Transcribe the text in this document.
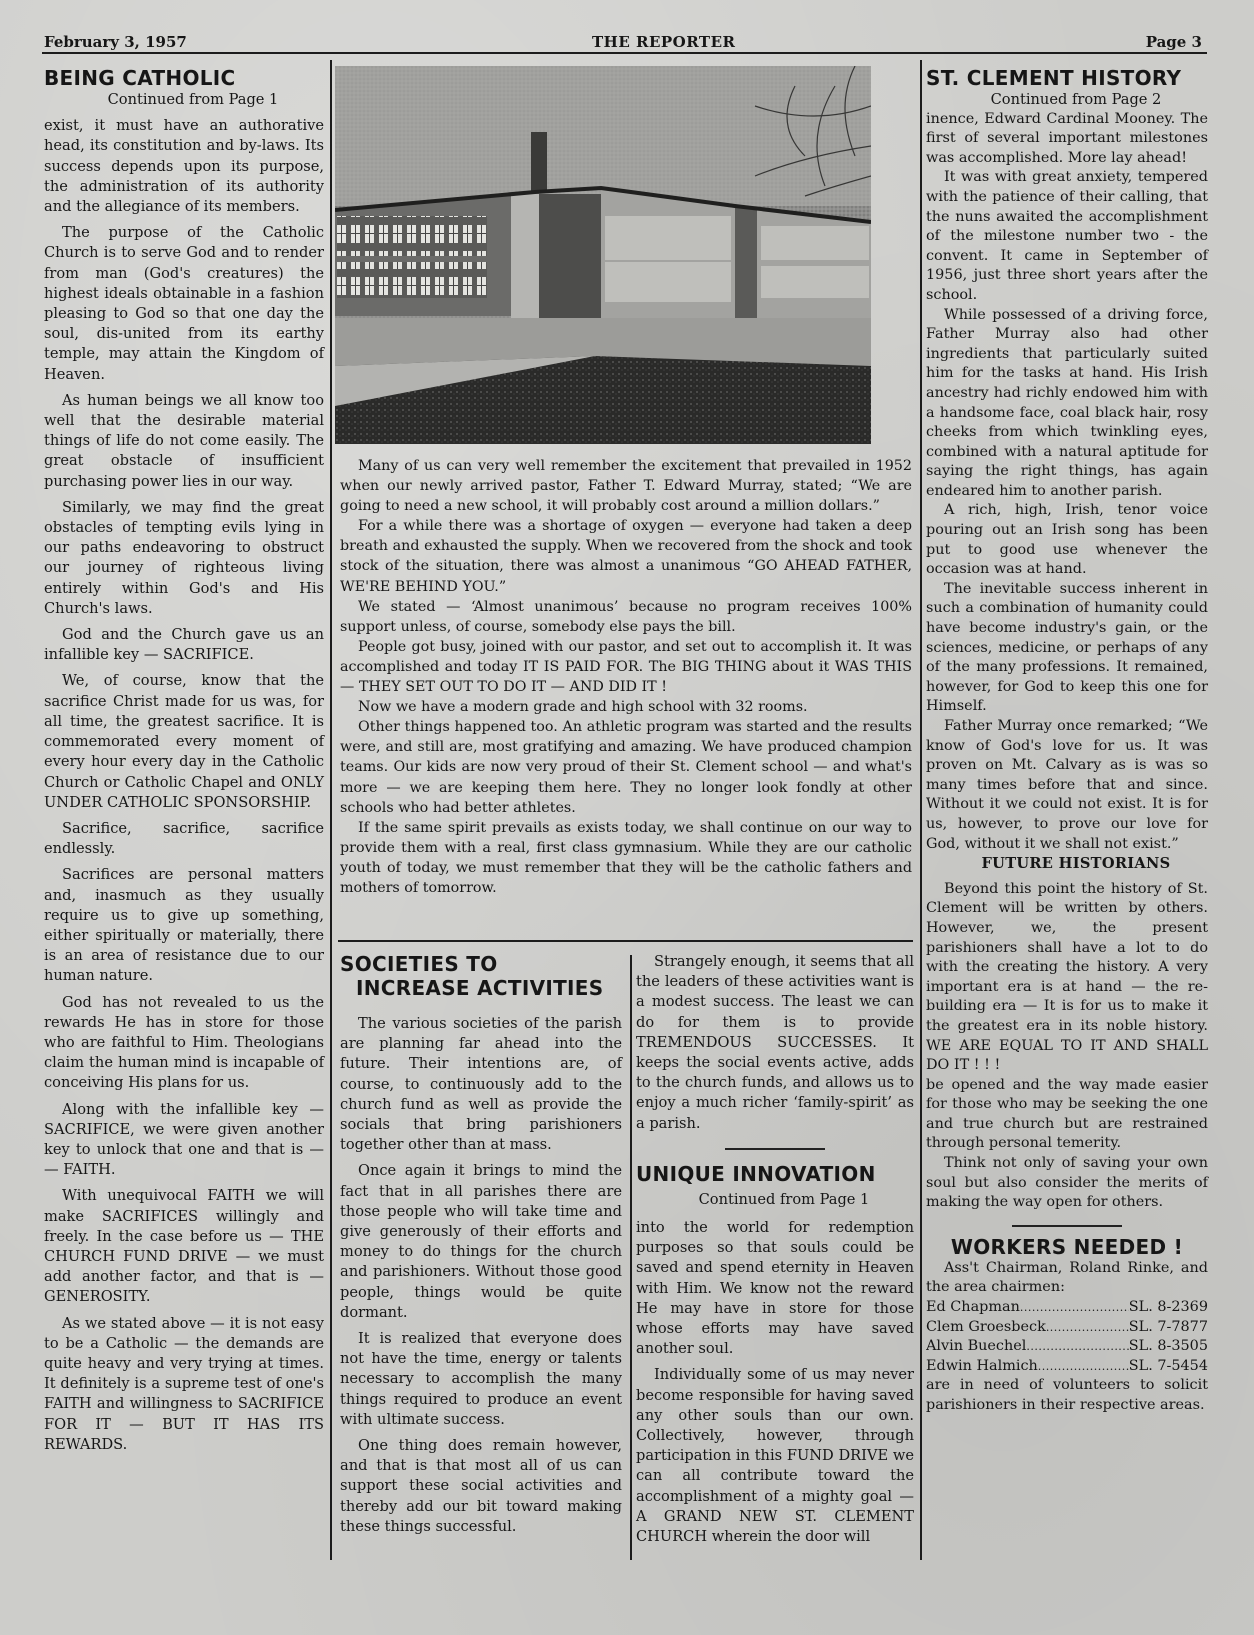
February 3, 1957	THE REPORTER	Page 3
BEING CATHOLIC

Continued from Page 1

exist, it must have an authorative head, its constitution and by-laws. Its success depends upon its purpose, the administration of its authority and the allegiance of its members.

The purpose of the Catholic Church is to serve God and to render from man (God's creatures) the highest ideals obtainable in a fashion pleasing to God so that one day the soul, dis-united from its earthy temple, may attain the Kingdom of Heaven.

As human beings we all know too well that the desirable material things of life do not come easily. The great obstacle of insufficient purchasing power lies in our way.

Similarly, we may find the great obstacles of tempting evils lying in our paths endeavoring to obstruct our journey of righteous living entirely within God's and His Church's laws.

God and the Church gave us an infallible key — SACRIFICE.

We, of course, know that the sacrifice Christ made for us was, for all time, the greatest sacrifice. It is commemorated every moment of every hour every day in the Catholic Church or Catholic Chapel and ONLY UNDER CATHOLIC SPONSORSHIP.

Sacrifice, sacrifice, sacrifice endlessly.

Sacrifices are personal matters and, inasmuch as they usually require us to give up something, either spiritually or materially, there is an area of resistance due to our human nature.

God has not revealed to us the rewards He has in store for those who are faithful to Him. Theologians claim the human mind is incapable of conceiving His plans for us.

Along with the infallible key — SACRIFICE, we were given another key to unlock that one and that is — — FAITH.

With unequivocal FAITH we will make SACRIFICES willingly and freely. In the case before us — THE CHURCH FUND DRIVE — we must add another factor, and that is — GENEROSITY.

As we stated above — it is not easy to be a Catholic — the demands are quite heavy and very trying at times. It definitely is a supreme test of one's FAITH and willingness to SACRIFICE FOR IT — BUT IT HAS ITS REWARDS.

Many of us can very well remember the excitement that prevailed in 1952 when our newly arrived pastor, Father T. Edward Murray, stated; “We are going to need a new school, it will probably cost around a million dollars.”

For a while there was a shortage of oxygen — everyone had taken a deep breath and exhausted the supply. When we recovered from the shock and took stock of the situation, there was almost a unanimous “GO AHEAD FATHER, WE'RE BEHIND YOU.”

We stated — ‘Almost unanimous’ because no program receives 100% support unless, of course, somebody else pays the bill.

People got busy, joined with our pastor, and set out to accomplish it. It was accomplished and today IT IS PAID FOR. The BIG THING about it WAS THIS — THEY SET OUT TO DO IT — AND DID IT !

Now we have a modern grade and high school with 32 rooms.

Other things happened too. An athletic program was started and the results were, and still are, most gratifying and amazing. We have produced champion teams. Our kids are now very proud of their St. Clement school — and what's more — we are keeping them here. They no longer look fondly at other schools who had better athletes.

If the same spirit prevails as exists today, we shall continue on our way to provide them with a real, first class gymnasium. While they are our catholic youth of today, we must remember that they will be the catholic fathers and mothers of tomorrow.

SOCIETIES TO
INCREASE ACTIVITIES

The various societies of the parish are planning far ahead into the future. Their intentions are, of course, to continuously add to the church fund as well as provide the socials that bring parishioners together other than at mass.

Once again it brings to mind the fact that in all parishes there are those people who will take time and give generously of their efforts and money to do things for the church and parishioners. Without those good people, things would be quite dormant.

It is realized that everyone does not have the time, energy or talents necessary to accomplish the many things required to produce an event with ultimate success.

One thing does remain however, and that is that most all of us can support these social activities and thereby add our bit toward making these things successful.

Strangely enough, it seems that all the leaders of these activities want is a modest success. The least we can do for them is to provide TREMENDOUS SUCCESSES. It keeps the social events active, adds to the church funds, and allows us to enjoy a much richer ‘family-spirit’ as a parish.

UNIQUE INNOVATION

Continued from Page 1

into the world for redemption purposes so that souls could be saved and spend eternity in Heaven with Him. We know not the reward He may have in store for those whose efforts may have saved another soul.

Individually some of us may never become responsible for having saved any other souls than our own. Collectively, however, through participation in this FUND DRIVE we can all contribute toward the accomplishment of a mighty goal — A GRAND NEW ST. CLEMENT CHURCH wherein the door will

ST. CLEMENT HISTORY

Continued from Page 2

inence, Edward Cardinal Mooney. The first of several important milestones was accomplished. More lay ahead!

It was with great anxiety, tempered with the patience of their calling, that the nuns awaited the accomplishment of the milestone number two - the convent. It came in September of 1956, just three short years after the school.

While possessed of a driving force, Father Murray also had other ingredients that particularly suited him for the tasks at hand. His Irish ancestry had richly endowed him with a handsome face, coal black hair, rosy cheeks from which twinkling eyes, combined with a natural aptitude for saying the right things, has again endeared him to another parish.

A rich, high, Irish, tenor voice pouring out an Irish song has been put to good use whenever the occasion was at hand.

The inevitable success inherent in such a combination of humanity could have become industry's gain, or the sciences, medicine, or perhaps of any of the many professions. It remained, however, for God to keep this one for Himself.

Father Murray once remarked; “We know of God's love for us. It was proven on Mt. Calvary as is was so many times before that and since. Without it we could not exist. It is for us, however, to prove our love for God, without it we shall not exist.”

FUTURE HISTORIANS

Beyond this point the history of St. Clement will be written by others. However, we, the present parishioners shall have a lot to do with the creating the history. A very important era is at hand — the re-building era — It is for us to make it the greatest era in its noble history. WE ARE EQUAL TO IT AND SHALL DO IT ! ! !

be opened and the way made easier for those who may be seeking the one and true church but are restrained through personal temerity.

Think not only of saving your own soul but also consider the merits of making the way open for others.

WORKERS NEEDED !

Ass't Chairman, Roland Rinke, and the area chairmen:

Ed Chapman .....	SL. 8-2369
Clem Groesbeck .....	SL. 7-7877
Alvin Buechel .....	SL. 8-3505
Edwin Halmich .....	SL. 7-5454

are in need of volunteers to solicit parishioners in their respective areas.
